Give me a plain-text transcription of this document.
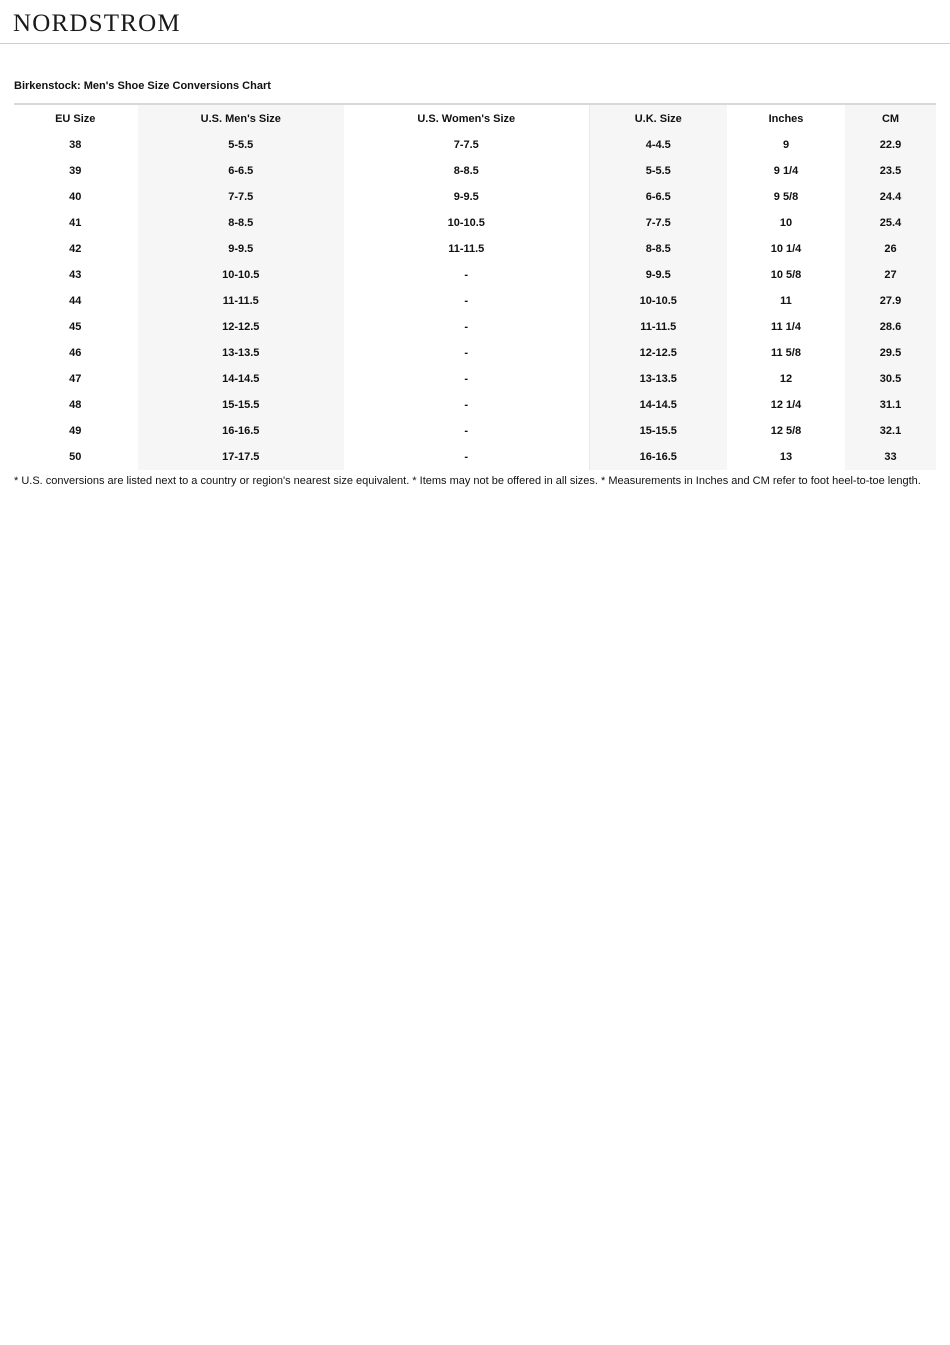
NORDSTROM
Birkenstock: Men's Shoe Size Conversions Chart
EU Size	U.S. Men's Size	U.S. Women's Size	U.K. Size	Inches	CM
38	5-5.5	7-7.5	4-4.5	9	22.9
39	6-6.5	8-8.5	5-5.5	9 1/4	23.5
40	7-7.5	9-9.5	6-6.5	9 5/8	24.4
41	8-8.5	10-10.5	7-7.5	10	25.4
42	9-9.5	11-11.5	8-8.5	10 1/4	26
43	10-10.5	-	9-9.5	10 5/8	27
44	11-11.5	-	10-10.5	11	27.9
45	12-12.5	-	11-11.5	11 1/4	28.6
46	13-13.5	-	12-12.5	11 5/8	29.5
47	14-14.5	-	13-13.5	12	30.5
48	15-15.5	-	14-14.5	12 1/4	31.1
49	16-16.5	-	15-15.5	12 5/8	32.1
50	17-17.5	-	16-16.5	13	33
* U.S. conversions are listed next to a country or region's nearest size equivalent. * Items may not be offered in all sizes. * Measurements in Inches and CM refer to foot heel-to-toe length.
